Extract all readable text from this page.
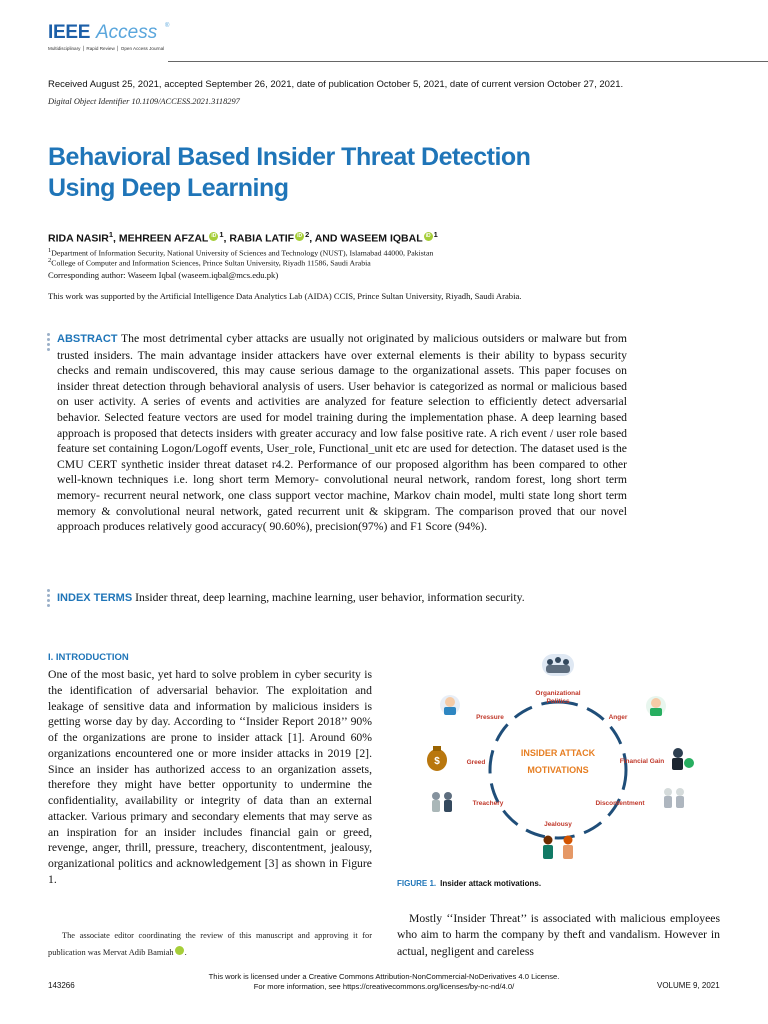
IEEE Access ®
Multidisciplinary ⎪ Rapid Review ⎪ Open Access Journal
Received August 25, 2021, accepted September 26, 2021, date of publication October 5, 2021, date of current version October 27, 2021.
Digital Object Identifier 10.1109/ACCESS.2021.3118297
Behavioral Based Insider Threat Detection
Using Deep Learning
RIDA NASIR$^1$, MEHREEN AFZAL iD $^1$, RABIA LATIF iD $^2$, AND WASEEM IQBAL iD $^1$
$^1$Department of Information Security, National University of Sciences and Technology (NUST), Islamabad 44000, Pakistan
$^2$College of Computer and Information Sciences, Prince Sultan University, Riyadh 11586, Saudi Arabia
Corresponding author: Waseem Iqbal (waseem.iqbal@mcs.edu.pk)
This work was supported by the Artificial Intelligence Data Analytics Lab (AIDA) CCIS, Prince Sultan University, Riyadh, Saudi Arabia.
ABSTRACT The most detrimental cyber attacks are usually not originated by malicious outsiders or malware but from trusted insiders. The main advantage insider attackers have over external elements is their ability to bypass security checks and remain undiscovered, this may cause serious damage to the organizational assets. This paper focuses on insider threat detection through behavioral analysis of users. User behavior is categorized as normal or malicious based on user activity. A series of events and activities are analyzed for feature selection to efficiently detect adversarial behavior. Selected feature vectors are used for model training during the implementation phase. A deep learning based approach is proposed that detects insiders with greater accuracy and low false positive rate. A rich event / user role based feature set containing Logon/Logoff events, User_role, Functional_unit etc are used for detection. The dataset used is the CMU CERT synthetic insider threat dataset r4.2. Performance of our proposed algorithm has been compared to other well-known techniques i.e. long short term Memory- convolutional neural network, random forest, long short term memory- recurrent neural network, one class support vector machine, Markov chain model, multi state long short term memory & convolutional neural network, gated recurrent unit & skipgram. The comparison proved that our novel approach produces relatively good accuracy( 90.60%), precision(97%) and F1 Score (94%).
INDEX TERMS Insider threat, deep learning, machine learning, user behavior, information security.
I. INTRODUCTION
One of the most basic, yet hard to solve problem in cyber security is the identification of adversarial behavior. The exploitation and leakage of sensitive data and information by malicious insiders is getting worse day by day. According to ‘‘Insider Report 2018’’ 90% of the organizations are prone to insider attack [1]. Around 60% organizations encountered one or more insider attacks in 2019 [2]. Since an insider has authorized access to an organization assets, therefore they might have better opportunity to undermine the confidentiality, availability or integrity of data than an external attacker. Various primary and secondary elements that may serve as an inspiration for an insider includes financial gain or greed, revenge, anger, thrill, pressure, treachery, discontentment, jealousy, organizational politics and acknowledgement [3] as shown in Figure 1.
The associate editor coordinating the review of this manuscript and approving it for publication was Mervat Adib Bamiah	iD.
INSIDER ATTACK
MOTIVATIONS
Organizational
Politics
Pressure	Anger
$	Greed	Financial Gain
Treachery	Discontentment
Jealousy
FIGURE 1. Insider attack motivations.
Mostly ‘‘Insider Threat’’ is associated with malicious employees who aim to harm the company by theft and vandalism. However in actual, negligent and careless
This work is licensed under a Creative Commons Attribution-NonCommercial-NoDerivatives 4.0 License.
For more information, see https://creativecommons.org/licenses/by-nc-nd/4.0/
143266	VOLUME 9, 2021
